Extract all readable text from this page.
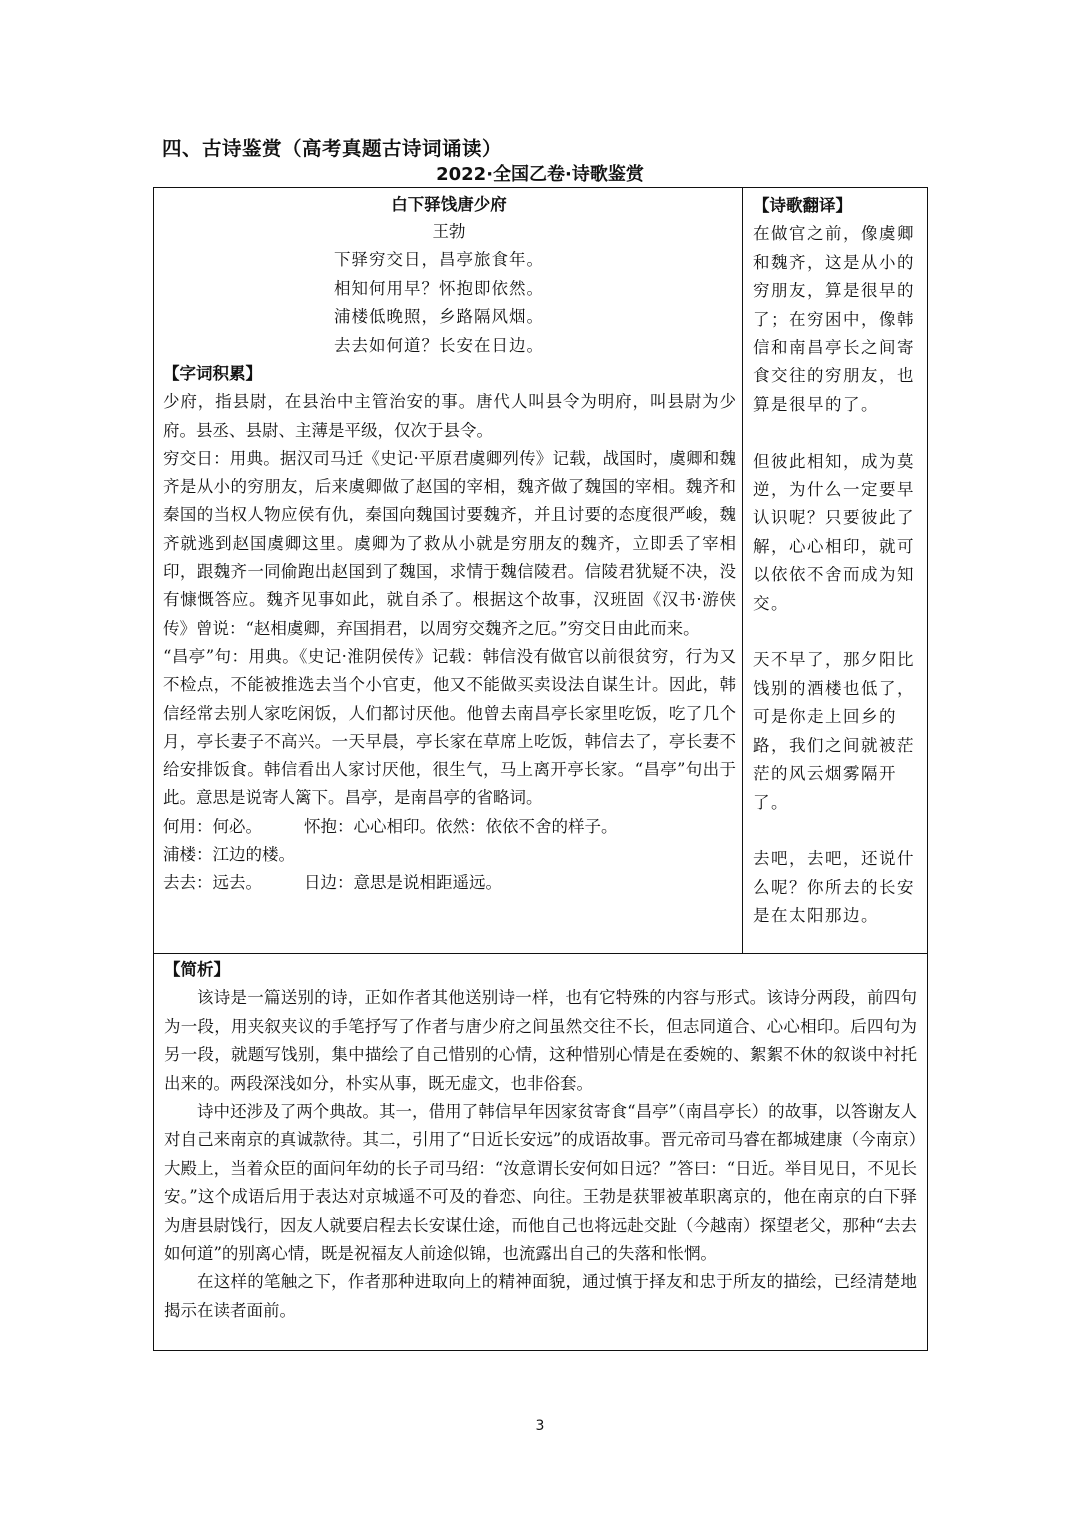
四、古诗鉴赏（高考真题古诗词诵读）
2022·全国乙卷·诗歌鉴赏
白下驿饯唐少府
王勃
下驿穷交日，昌亭旅食年。
相知何用早？怀抱即依然。
浦楼低晚照，乡路隔风烟。
去去如何道？长安在日边。

【字词积累】

少府，指县尉，在县治中主管治安的事。唐代人叫县令为明府，叫县尉为少府。县丞、县尉、主薄是平级，仅次于县令。

穷交日：用典。据汉司马迁《史记·平原君虞卿列传》记载，战国时，虞卿和魏齐是从小的穷朋友，后来虞卿做了赵国的宰相，魏齐做了魏国的宰相。魏齐和秦国的当权人物应侯有仇，秦国向魏国讨要魏齐，并且讨要的态度很严峻，魏齐就逃到赵国虞卿这里。虞卿为了救从小就是穷朋友的魏齐，立即丢了宰相印，跟魏齐一同偷跑出赵国到了魏国，求情于魏信陵君。信陵君犹疑不决，没有慷慨答应。魏齐见事如此，就自杀了。根据这个故事，汉班固《汉书·游侠传》曾说：“赵相虞卿，弃国捐君，以周穷交魏齐之厄。”穷交日由此而来。

“昌亭”句：用典。《史记·淮阴侯传》记载：韩信没有做官以前很贫穷，行为又不检点，不能被推选去当个小官吏，他又不能做买卖设法自谋生计。因此，韩信经常去别人家吃闲饭，人们都讨厌他。他曾去南昌亭长家里吃饭，吃了几个月，亭长妻子不高兴。一天早晨，亭长家在草席上吃饭，韩信去了，亭长妻不给安排饭食。韩信看出人家讨厌他，很生气，马上离开亭长家。“昌亭”句出于此。意思是说寄人篱下。昌亭，是南昌亭的省略词。

何用：何必。	怀抱：心心相印。依然：依依不舍的样子。

浦楼：江边的楼。

去去：远去。	日边：意思是说相距遥远。

【诗歌翻译】

在做官之前，像虞卿和魏齐，这是从小的穷朋友，算是很早的了；在穷困中，像韩信和南昌亭长之间寄食交往的穷朋友，也算是很早的了。

但彼此相知，成为莫逆，为什么一定要早认识呢？只要彼此了解，心心相印，就可以依依不舍而成为知交。

天不早了，那夕阳比饯别的酒楼也低了，可是你走上回乡的路，我们之间就被茫茫的风云烟雾隔开了。

去吧，去吧，还说什么呢？你所去的长安是在太阳那边。

【简析】

该诗是一篇送别的诗，正如作者其他送别诗一样，也有它特殊的内容与形式。该诗分两段，前四句为一段，用夹叙夹议的手笔抒写了作者与唐少府之间虽然交往不长，但志同道合、心心相印。后四句为另一段，就题写饯别，集中描绘了自己惜别的心情，这种惜别心情是在委婉的、絮絮不休的叙谈中衬托出来的。两段深浅如分，朴实从事，既无虚文，也非俗套。

诗中还涉及了两个典故。其一，借用了韩信早年因家贫寄食“昌亭”（南昌亭长）的故事，以答谢友人对自己来南京的真诚款待。其二，引用了“日近长安远”的成语故事。晋元帝司马睿在都城建康（今南京）大殿上，当着众臣的面问年幼的长子司马绍：“汝意谓长安何如日远？”答曰：“日近。举目见日，不见长安。”这个成语后用于表达对京城遥不可及的眷恋、向往。王勃是获罪被革职离京的，他在南京的白下驿为唐县尉饯行，因友人就要启程去长安谋仕途，而他自己也将远赴交趾（今越南）探望老父，那种“去去如何道”的别离心情，既是祝福友人前途似锦，也流露出自己的失落和怅惘。

在这样的笔触之下，作者那种进取向上的精神面貌，通过慎于择友和忠于所友的描绘，已经清楚地揭示在读者面前。

3
